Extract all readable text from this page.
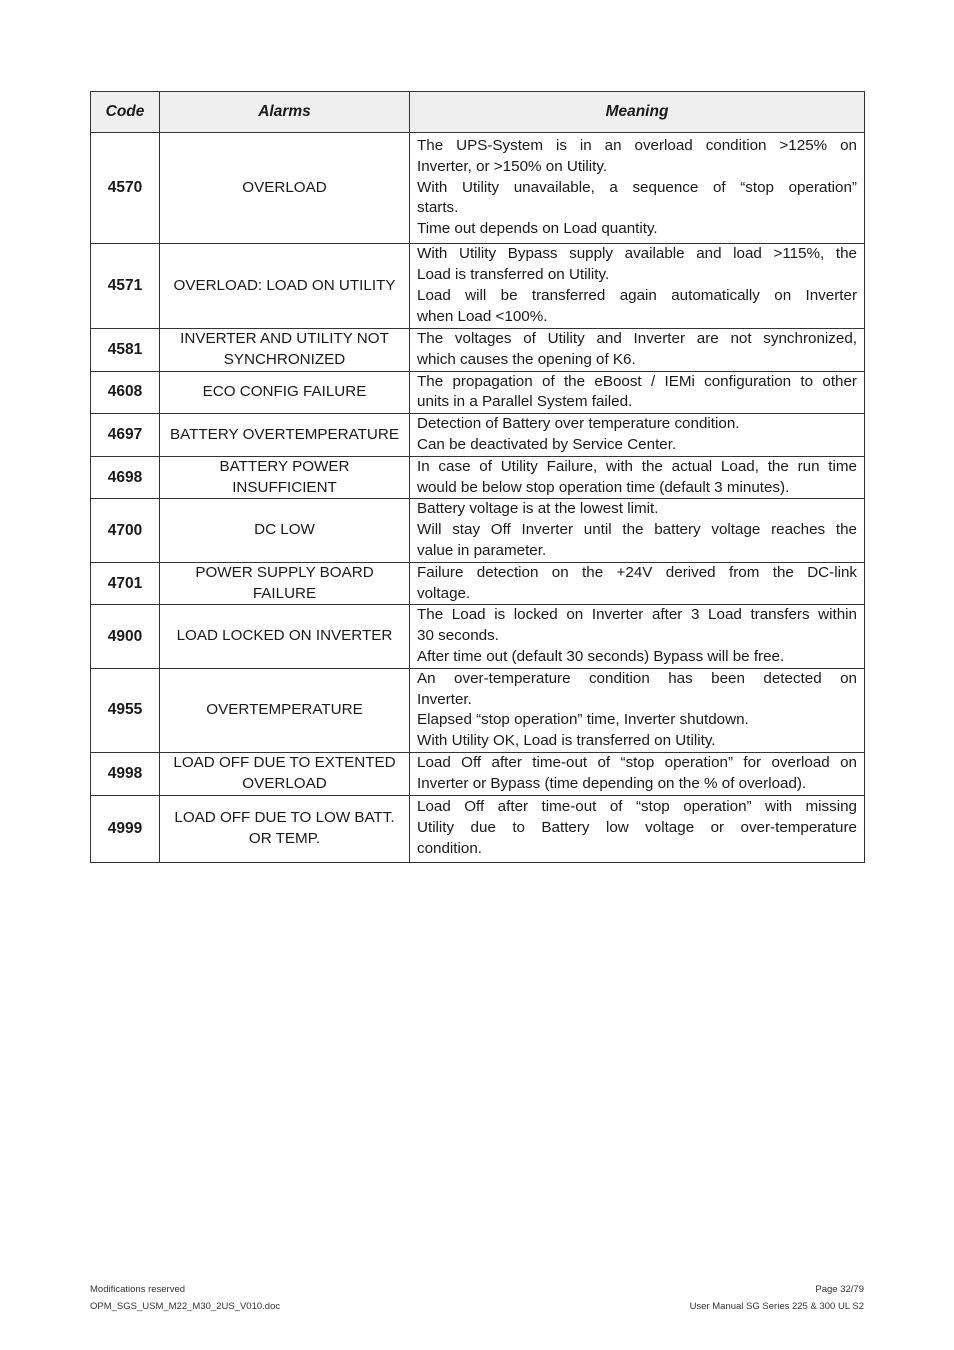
Code	Alarms	Meaning
4570	OVERLOAD	The UPS-System is in an overload condition >125% on
Inverter, or >150% on Utility.
With Utility unavailable, a sequence of “stop operation”
starts.
Time out depends on Load quantity.

4571	OVERLOAD: LOAD ON UTILITY	With Utility Bypass supply available and load >115%, the
Load is transferred on Utility.
Load will be transferred again automatically on Inverter
when Load <100%.

4581	INVERTER AND UTILITY NOT SYNCHRONIZED	The voltages of Utility and Inverter are not synchronized,
which causes the opening of K6.

4608	ECO CONFIG FAILURE	The propagation of the eBoost / IEMi configuration to other
units in a Parallel System failed.

4697	BATTERY OVERTEMPERATURE	Detection of Battery over temperature condition.
Can be deactivated by Service Center.

4698	BATTERY POWER INSUFFICIENT	In case of Utility Failure, with the actual Load, the run time
would be below stop operation time (default 3 minutes).

4700	DC LOW	Battery voltage is at the lowest limit.
Will stay Off Inverter until the battery voltage reaches the
value in parameter.

4701	POWER SUPPLY BOARD FAILURE	Failure detection on the +24V derived from the DC-link
voltage.

4900	LOAD LOCKED ON INVERTER	The Load is locked on Inverter after 3 Load transfers within
30 seconds.
After time out (default 30 seconds) Bypass will be free.

4955	OVERTEMPERATURE	An over-temperature condition has been detected on
Inverter.
Elapsed “stop operation” time, Inverter shutdown.
With Utility OK, Load is transferred on Utility.

4998	LOAD OFF DUE TO EXTENTED OVERLOAD	Load Off after time-out of “stop operation” for overload on
Inverter or Bypass (time depending on the % of overload).

4999	LOAD OFF DUE TO LOW BATT. OR TEMP.	Load Off after time-out of “stop operation” with missing
Utility due to Battery low voltage or over-temperature
condition.
Modifications reserved
OPM_SGS_USM_M22_M30_2US_V010.doc
Page 32/79
User Manual SG Series 225 & 300 UL S2
